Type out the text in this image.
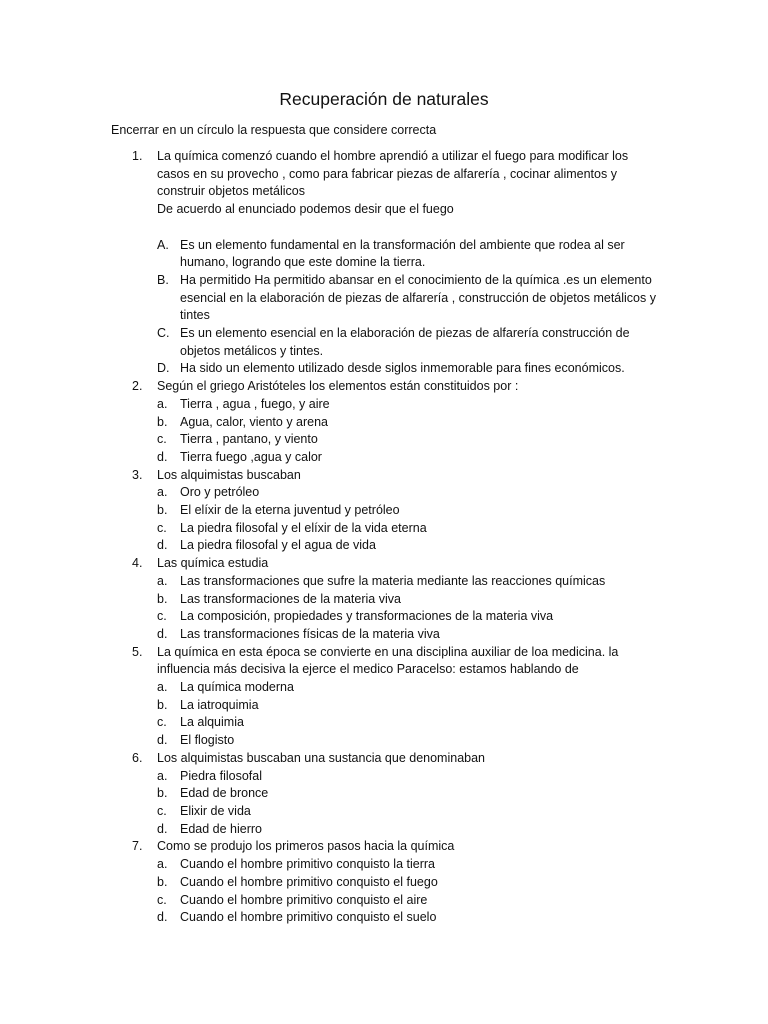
Recuperación de naturales
Encerrar en un círculo la respuesta que considere correcta
1. La química comenzó cuando el hombre aprendió a utilizar el fuego para modificar los casos en su provecho , como para fabricar piezas de alfarería , cocinar alimentos y construir objetos metálicos
De acuerdo al enunciado podemos desir que el fuego
A. Es un elemento fundamental en la transformación del ambiente que rodea al ser humano, logrando que este domine la tierra.
B. Ha permitido Ha permitido abansar en el conocimiento de la química .es un elemento esencial en la elaboración de piezas de alfarería , construcción de objetos metálicos y tintes
C. Es un elemento esencial en la elaboración de piezas de alfarería construcción de objetos metálicos y tintes.
D. Ha sido un elemento utilizado desde siglos inmemorable para fines económicos.
2. Según el griego Aristóteles los elementos están constituidos por :
a. Tierra , agua , fuego, y aire
b. Agua, calor, viento y arena
c. Tierra , pantano, y viento
d. Tierra fuego ,agua y calor
3. Los alquimistas buscaban
a. Oro y petróleo
b. El elíxir de la eterna juventud y petróleo
c. La piedra filosofal y el elíxir de la vida eterna
d. La piedra filosofal y el agua de vida
4. Las química estudia
a. Las transformaciones que sufre la materia mediante las reacciones químicas
b. Las transformaciones de la materia viva
c. La composición, propiedades y transformaciones de la materia viva
d. Las transformaciones físicas de la materia viva
5. La química en esta época se convierte en una disciplina auxiliar de loa medicina. la influencia más decisiva la ejerce el medico Paracelso: estamos hablando de
a. La química moderna
b. La iatroquimia
c. La alquimia
d. El flogisto
6. Los alquimistas buscaban una sustancia que denominaban
a. Piedra filosofal
b. Edad de bronce
c. Elixir de vida
d. Edad de hierro
7. Como se produjo los primeros pasos hacia la química
a. Cuando el hombre primitivo conquisto la tierra
b. Cuando el hombre primitivo conquisto el fuego
c. Cuando el hombre primitivo conquisto el aire
d. Cuando el hombre primitivo conquisto el suelo
